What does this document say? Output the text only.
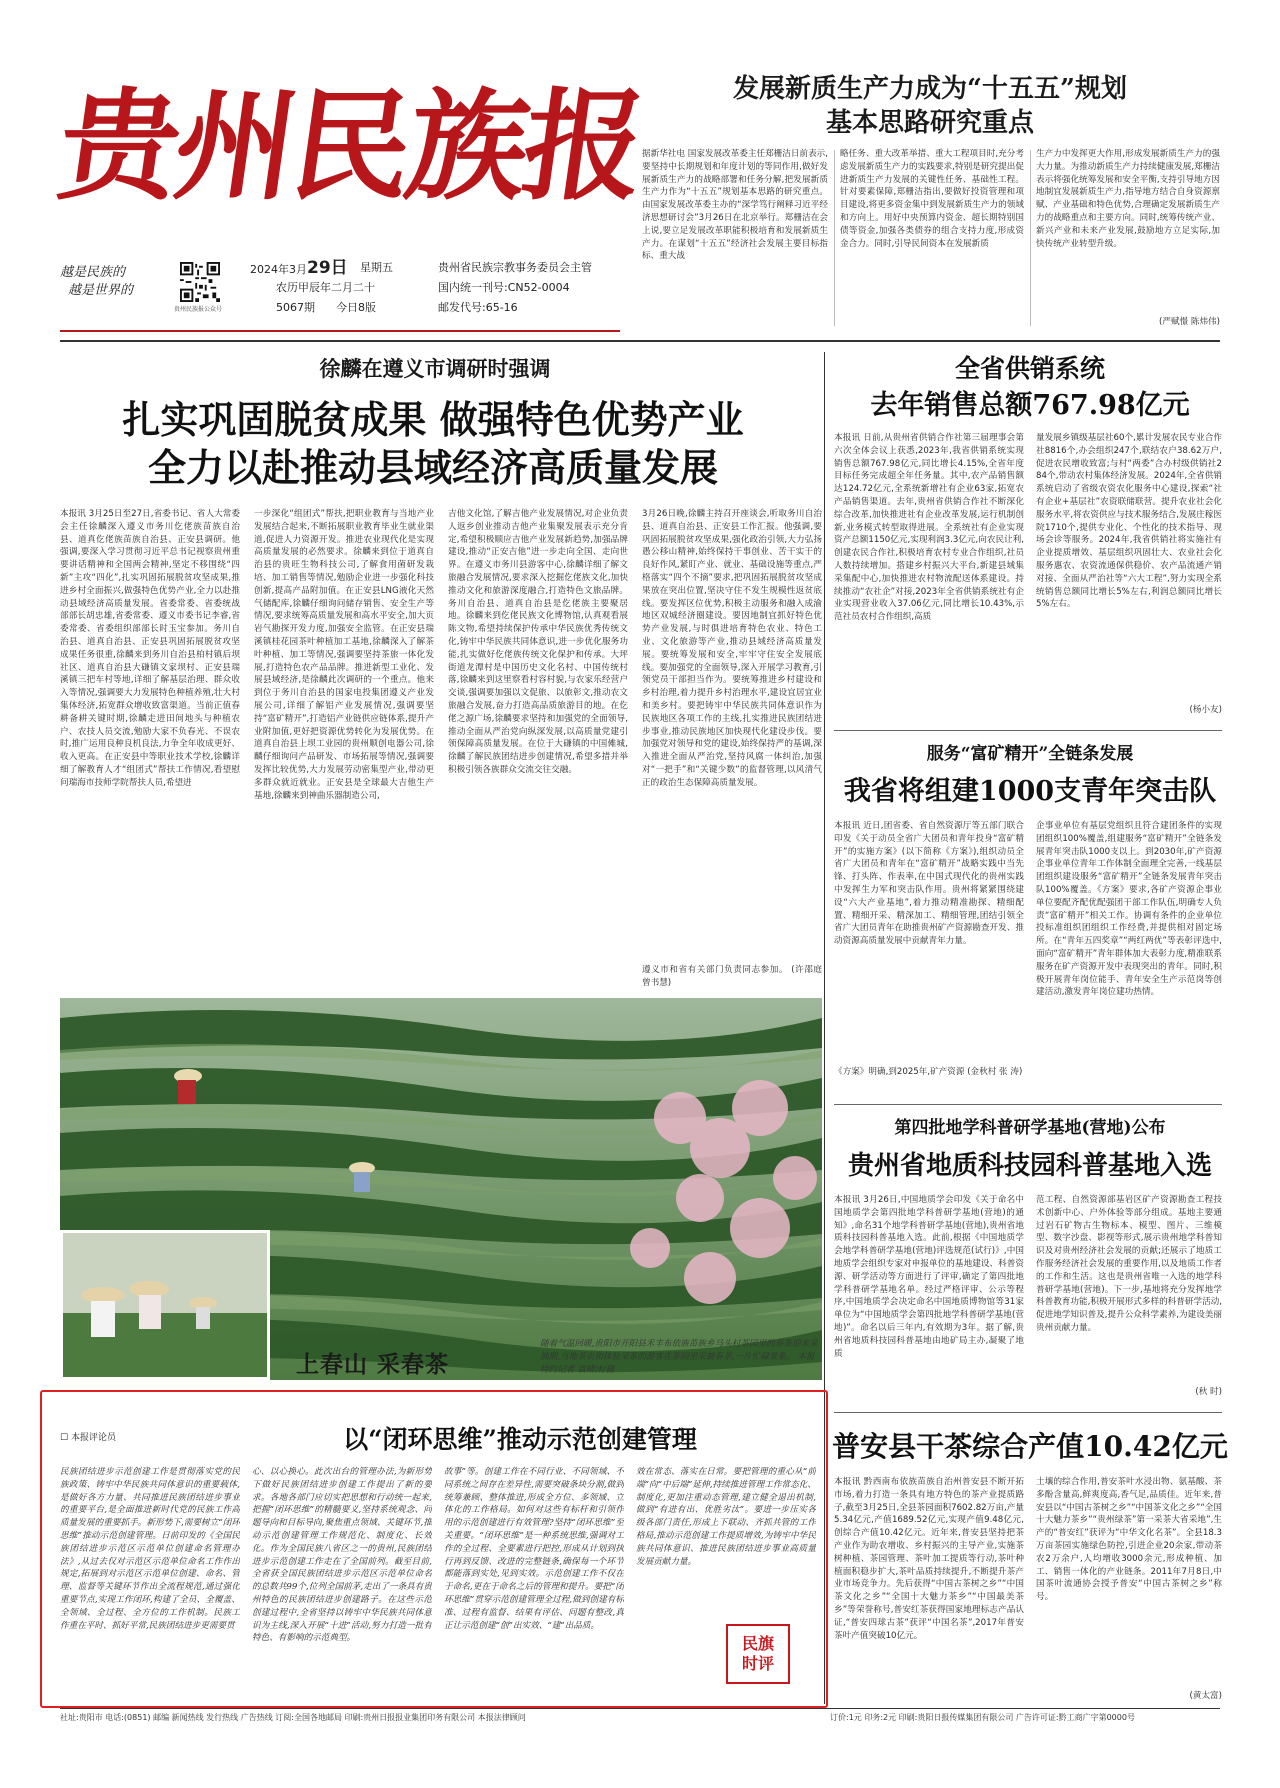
贵州民族报
越是民族的
越是世界的
贵州民族报公众号
2024年3月29日 星期五
农历甲辰年二月二十
5067期 今日8版
贵州省民族宗教事务委员会主管
国内统一刊号:CN52-0004
邮发代号:65-16
发展新质生产力成为“十五五”规划
基本思路研究重点
据新华社电 国家发展改革委主任郑栅洁日前表示,要坚持中长期规划和年度计划的等同作用,做好发展新质生产力的战略部署和任务分解,把发展新质生产力作为“十五五”规划基本思路的研究重点。由国家发展改革委主办的“深学笃行阐释习近平经济思想研讨会”3月26日在北京举行。郑栅洁在会上说,要立足发展改革职能积极培育和发展新质生产力。在谋划“十五五”经济社会发展主要目标指标、重大战
略任务、重大改革举措、重大工程项目时,充分考虑发展新质生产力的实践要求,特别是研究提出促进新质生产力发展的关键性任务、基础性工程。针对要素保障,郑栅洁指出,要做好投资管理和项目建设,将更多资金集中到发展新质生产力的领域和方向上。用好中央预算内资金、超长期特别国债等资金,加强各类债券的组合支持力度,形成资金合力。同时,引导民间资本在发展新质
生产力中发挥更大作用,形成发展新质生产力的强大力量。为推动新质生产力持续健康发展,郑栅洁表示将强化统筹发展和安全平衡,支持引导地方因地制宜发展新质生产力,指导地方结合自身资源禀赋、产业基础和特色优势,合理确定发展新质生产力的战略重点和主要方向。同时,统筹传统产业、新兴产业和未来产业发展,鼓励地方立足实际,加快传统产业转型升级。
(严赋憬 陈炜伟)
徐麟在遵义市调研时强调
扎实巩固脱贫成果 做强特色优势产业
全力以赴推动县域经济高质量发展
本报讯 3月25日至27日,省委书记、省人大常委会主任徐麟深入遵义市务川仡佬族苗族自治县、道真仡佬族苗族自治县、正安县调研。他强调,要深入学习贯彻习近平总书记视察贵州重要讲话精神和全国两会精神,坚定不移围绕“四新”主攻“四化”,扎实巩固拓展脱贫攻坚成果,推进乡村全面振兴,做强特色优势产业,全力以赴推动县域经济高质量发展。省委常委、省委统战部部长胡忠雄,省委常委、遵义市委书记李睿,省委常委、省委组织部部长时玉宝参加。务川自治县、道真自治县、正安县巩固拓展脱贫攻坚成果任务很重,徐麟来到务川自治县柏村镇后坝社区、道真自治县大磏镇文家坝村、正安县瑞溪镇三把车村等地,详细了解基层治理、群众收入等情况,强调要大力发展特色种植养殖,壮大村集体经济,拓宽群众增收致富渠道。当前正值春耕备耕关键时期,徐麟走进田间地头与种植农户、农技人员交流,勉励大家不负春光、不误农时,推广运用良种良机良法,力争全年收成更好、收入更高。在正安县中等职业技术学校,徐麟详细了解教育人才“组团式”帮扶工作情况,看望慰问瑞海市技师学院帮扶人员,希望进
一步深化“组团式”帮扶,把职业教育与当地产业发展结合起来,不断拓展职业教育毕业生就业渠道,促进人力资源开发。推进农业现代化是实现高质量发展的必然要求。徐麟来到位于道真自治县的贵旺生物科技公司,了解食用菌研发栽培、加工销售等情况,勉励企业进一步强化科技创新,提高产品附加值。在正安县LNG液化天然气储配库,徐麟仔细询问储存销售、安全生产等情况,要求统筹高质量发展和高水平安全,加大页岩气勘探开发力度,加强安全监管。在正安县瑞溪镇桂花园茶叶种植加工基地,徐麟深入了解茶叶种植、加工等情况,强调要坚持茶旅一体化发展,打造特色农产品品牌。推进新型工业化、发展县域经济,是徐麟此次调研的一个重点。他来到位于务川自治县的国家电投集团遵义产业发展公司,详细了解铝产业发展情况,强调要坚持“富矿精开”,打造铝产业链供应链体系,提升产业附加值,更好把资源优势转化为发展优势。在道真自治县上坝工业园的贵州顺创电器公司,徐麟仔细询问产品研发、市场拓展等情况,强调要发挥比较优势,大力发展劳动密集型产业,带动更多群众就近就业。正安县是全球最大吉他生产基地,徐麟来到神曲乐器制造公司,
吉他文化馆,了解吉他产业发展情况,对企业负责人返乡创业推动吉他产业集聚发展表示充分肯定,希望积极顺应吉他产业发展新趋势,加强品牌建设,推动“正安吉他”进一步走向全国、走向世界。在遵义市务川县游客中心,徐麟详细了解文旅融合发展情况,要求深入挖掘仡佬族文化,加快推动文化和旅游深度融合,打造特色文旅品牌。务川自治县、道真自治县是仡佬族主要聚居地。徐麟来到仡佬民族文化博物馆,认真观看展陈文物,希望持续保护传承中华民族优秀传统文化,铸牢中华民族共同体意识,进一步优化服务功能,扎实做好仡佬族传统文化保护和传承。大坪街道龙潭村是中国历史文化名村、中国传统村落,徐麟来到这里察看村容村貌,与农家乐经营户交谈,强调要加强以文促旅、以旅彰文,推动农文旅融合发展,奋力打造高品质旅游目的地。在仡佬之源广场,徐麟要求坚持和加强党的全面领导,推动全面从严治党向纵深发展,以高质量党建引领保障高质量发展。在位于大磏镇的中国傩城,徐麟了解民族团结进步创建情况,希望多措并举积极引领各族群众交流交往交融。
3月26日晚,徐麟主持召开座谈会,听取务川自治县、道真自治县、正安县工作汇报。他强调,要巩固拓展脱贫攻坚成果,强化政治引领,大力弘扬愚公移山精神,始终保持干事创业、苦干实干的良好作风,紧盯产业、就业、基础设施等重点,严格落实“四个不摘”要求,把巩固拓展脱贫攻坚成果放在突出位置,坚决守住不发生规模性返贫底线。要发挥区位优势,积极主动服务和融入成渝地区双城经济圈建设。要因地制宜抓好特色优势产业发展,与时俱进培育特色农业、特色工业、文化旅游等产业,推动县域经济高质量发展。要统筹发展和安全,牢牢守住安全发展底线。要加强党的全面领导,深入开展学习教育,引领党员干部担当作为。要统筹推进乡村建设和乡村治理,着力提升乡村治理水平,建设宜居宜业和美乡村。要把铸牢中华民族共同体意识作为民族地区各项工作的主线,扎实推进民族团结进步事业,推动民族地区加快现代化建设步伐。要加强党对领导和党的建设,始终保持严的基调,深入推进全面从严治党,坚持风腐一体纠治,加强对“一把手”和“关键少数”的监督管理,以风清气正的政治生态保障高质量发展。
遵义市和省有关部门负责同志参加。 (许邵庭 曾书慧)
全省供销系统
去年销售总额767.98亿元
本报讯 日前,从贵州省供销合作社第三届理事会第六次全体会议上获悉,2023年,我省供销系统实现销售总额767.98亿元,同比增长4.15%,全省年度目标任务完成超全年任务量。其中,农产品销售额达124.72亿元,全系统新增社有企业63家,拓宽农产品销售渠道。去年,贵州省供销合作社不断深化综合改革,加快推进社有企业改革发展,运行机制创新,业务模式转型取得进展。全系统社有企业实现资产总额1150亿元,实现利润3.3亿元,向农民让利,创建农民合作社,积极培育农村专业合作组织,社员人数持续增加。搭建乡村振兴大平台,新建县域集采集配中心,加快推进农村物流配送体系建设。持续推动“农社企”对接,2023年全省供销系统社有企业实现营业收入37.06亿元,同比增长10.43%,示范社员农村合作组织,高质
量发展乡镇级基层社60个,累计发展农民专业合作社8816个,办会组织247个,联结农户38.62万户,促进农民增收致富;与村“两委”合办村级供销社284个,带动农村集体经济发展。2024年,全省供销系统启动了省级农资农化服务中心建设,探索“社有企业+基层社”农资联储联营。提升农业社会化服务水平,将农资供应与技术服务结合,发展庄稼医院1710个,提供专业化、个性化的技术指导、现场会诊等服务。2024年,我省供销社将实施社有企业提质增效、基层组织巩固壮大、农业社会化服务惠农、农资流通保供稳价、农产品流通产销对接、全面从严治社等“六大工程”,努力实现全系统销售总额同比增长5%左右,利润总额同比增长5%左右。
(杨小友)
服务“富矿精开”全链条发展
我省将组建1000支青年突击队
本报讯 近日,团省委、省自然资源厅等五部门联合印发《关于动员全省广大团员和青年投身“富矿精开”的实施方案》(以下简称《方案》),组织动员全省广大团员和青年在“富矿精开”战略实践中当先锋、打头阵、作表率,在中国式现代化的贵州实践中发挥生力军和突击队作用。贵州将紧紧围绕建设“六大产业基地”,着力推动精准勘探、精细配置、精细开采、精深加工、精细管理,团结引领全省广大团员青年在助推贵州矿产资源勘查开发、推动资源高质量发展中贡献青年力量。
企事业单位有基层党组织且符合建团条件的实现团组织100%覆盖,组建服务“富矿精开”全链条发展青年突击队1000支以上。到2030年,矿产资源企事业单位青年工作体制全面理全完善,一线基层团组织建设服务“富矿精开”全链条发展青年突击队100%覆盖。《方案》要求,各矿产资源企事业单位要配齐配优配强团干部工作队伍,明确专人负责“富矿精开”相关工作。协调有条件的企业单位投标准组织团组织工作经费,并提供相对固定场所。在“青年五四奖章”“两红两优”等表彰评选中,面向“富矿精开”青年群体加大表彰力度,精准联系服务在矿产资源开发中表现突出的青年。同时,积极开展青年岗位能手、青年安全生产示范岗等创建活动,激发青年岗位建功热情。
《方案》明确,到2025年,矿产资源 (金秋村 张 涛)
第四批地学科普研学基地(营地)公布
贵州省地质科技园科普基地入选
本报讯 3月26日,中国地质学会印发《关于命名中国地质学会第四批地学科普研学基地(营地)的通知》,命名31个地学科普研学基地(营地),贵州省地质科技园科普基地入选。此前,根据《中国地质学会地学科普研学基地(营地)评选规范(试行)》,中国地质学会组织专家对申报单位的基地建设、科普资源、研学活动等方面进行了评审,确定了第四批地学科普研学基地名单。经过严格评审、公示等程序,中国地质学会决定命名中国地质博物馆等31家单位为“中国地质学会第四批地学科普研学基地(营地)”。命名以后三年内,有效期为3年。据了解,贵州省地质科技园科普基地由地矿局主办,凝聚了地质
范工程、自然资源部基岩区矿产资源勘查工程技术创新中心、户外体验等部分组成。基地主要通过岩石矿物古生物标本、模型、图片、三维模型、数字沙盘、影视等形式,展示贵州地学科普知识及对贵州经济社会发展的贡献;还展示了地质工作服务经济社会发展的重要作用,以及地质工作者的工作和生活。这也是贵州省唯一入选的地学科普研学基地(营地)。下一步,基地将充分发挥地学科普教育功能,积极开展形式多样的科普研学活动,促进地学知识普及,提升公众科学素养,为建设美丽贵州贡献力量。
(秋 时)
普安县干茶综合产值10.42亿元
本报讯 黔西南布依族苗族自治州普安县不断开拓市场,着力打造一条具有地方特色的茶产业提质路子,截至3月25日,全县茶园面积7602.82万亩,产量5.34亿元,产值1689.52亿元,实现产值9.48亿元,创综合产值10.42亿元。近年来,普安县坚持把茶产业作为助农增收、乡村振兴的主导产业,实施茶树种植、茶园管理、茶叶加工提质等行动,茶叶种植面积稳步扩大,茶叶品质持续提升,不断提升茶产业市场竞争力。先后获得“中国古茶树之乡”“中国茶文化之乡”“全国十大魅力茶乡”“中国最美茶乡”等荣誉称号,普安红茶获得国家地理标志产品认证,“普安四球古茶”获评“中国名茶”,2017年普安茶叶产值突破10亿元。
土壤的综合作用,普安茶叶水浸出物、氨基酸、茶多酚含量高,鲜爽度高,香气足,品质佳。近年来,普安县以“中国古茶树之乡”“中国茶文化之乡”“全国十大魅力茶乡”“贵州绿茶”第一采茶大省采地”,生产的“普安红”获评为“中华文化名茶”。全县18.3万亩茶园实施绿色防控,引进企业20余家,带动茶农2万余户,人均增收3000余元,形成种植、加工、销售一体化的产业链条。2011年7月8日,中国茶叶流通协会授予普安“中国古茶树之乡”称号。
(黄太富)
上春山 采春茶
随着气温回暖,贵阳市开阳县禾丰布依族苗族乡马头村茶园里的春茶迎来采摘期,当地茶农和体验采茶的游客在茶园里采摘春茶,一片忙碌景象。 本报特约记者 袁晴沐/摄
☐ 本报评论员	以“闭环思维”推动示范创建管理
民族团结进步示范创建工作是贯彻落实党的民族政策、铸牢中华民族共同体意识的重要载体,是做好各方力量、共同推进民族团结进步事业的重要平台,是全面推进新时代党的民族工作高质量发展的重要抓手。新形势下,需要树立“闭环思维”推动示范创建管理。日前印发的《全国民族团结进步示范区示范单位创建命名管理办法》,从过去仅对示范区示范单位命名工作作出规定,拓展到对示范区示范单位创建、命名、管理、监督等关键环节作出全流程规范,通过强化重要节点,实现工作闭环,构建了全员、全覆盖、全领域、全过程、全方位的工作机制。民族工作重在平时、抓好平常,民族团结进步更需要贯
心、以心换心。此次出台的管理办法,为新形势下做好民族团结进步创建工作提出了新的要求。各地各部门应切实把思想和行动统一起来,把握“闭环思维”的精髓要义,坚持系统观念、问题导向和目标导向,聚焦重点领域、关键环节,推动示范创建管理工作规范化、制度化、长效化。作为全国民族八省区之一的贵州,民族团结进步示范创建工作走在了全国前列。截至目前,全省获全国民族团结进步示范区示范单位命名的总数共99个,位列全国前茅,走出了一条具有贵州特色的民族团结进步创建路子。在这些示范创建过程中,全省坚持以铸牢中华民族共同体意识为主线,深入开展“十进”活动,努力打造一批有特色、有影响的示范典型。
故事”等。创建工作在不同行业、不同领域、不同系统之间存在差异性,需要突破条块分割,做到统筹兼顾、整体推进,形成全方位、多领域、立体化的工作格局。如何对这些有标杆和引领作用的示范创建进行有效管理?坚持“闭环思维”至关重要。“闭环思维”是一种系统思维,强调对工作的全过程、全要素进行把控,形成从计划到执行再到反馈、改进的完整链条,确保每一个环节都能落到实处,见到实效。示范创建工作不仅在于命名,更在于命名之后的管理和提升。要把“闭环思维”贯穿示范创建管理全过程,做到创建有标准、过程有监督、结果有评估、问题有整改,真正让示范创建“创”出实效、“建”出品质。
效在常态、落实在日常。要把管理的重心从“前端”向“中后端”延伸,持续推进管理工作常态化、制度化,更加注重动态管理,建立健全退出机制,做到“有进有出、优胜劣汰”。要进一步压实各级各部门责任,形成上下联动、齐抓共管的工作格局,推动示范创建工作提质增效,为铸牢中华民族共同体意识、推进民族团结进步事业高质量发展贡献力量。
民旗
时评
社址:贵阳市 电话:(0851) 邮编 新闻热线 发行热线 广告热线 订阅:全国各地邮局 印刷:贵州日报报业集团印务有限公司 本报法律顾问	订价:1元 印务:2元 印刷:贵阳日报传媒集团有限公司 广告许可证:黔工商广字第0000号
